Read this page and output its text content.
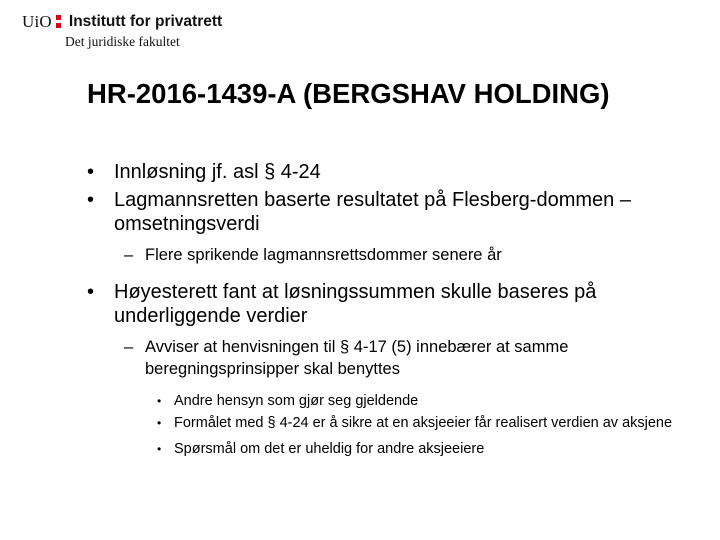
UiO Institutt for privatrett
Det juridiske fakultet
HR-2016-1439-A (BERGSHAV HOLDING)
• Innløsning jf. asl § 4-24
• Lagmannsretten baserte resultatet på Flesberg-dommen – omsetningsverdi
– Flere sprikende lagmannsrettsdommer senere år
• Høyesterett fant at løsningssummen skulle baseres på underliggende verdier
– Avviser at henvisningen til § 4-17 (5) innebærer at samme beregningsprinsipper skal benyttes
• Andre hensyn som gjør seg gjeldende
• Formålet med § 4-24 er å sikre at en aksjeeier får realisert verdien av aksjene
• Spørsmål om det er uheldig for andre aksjeeiere
